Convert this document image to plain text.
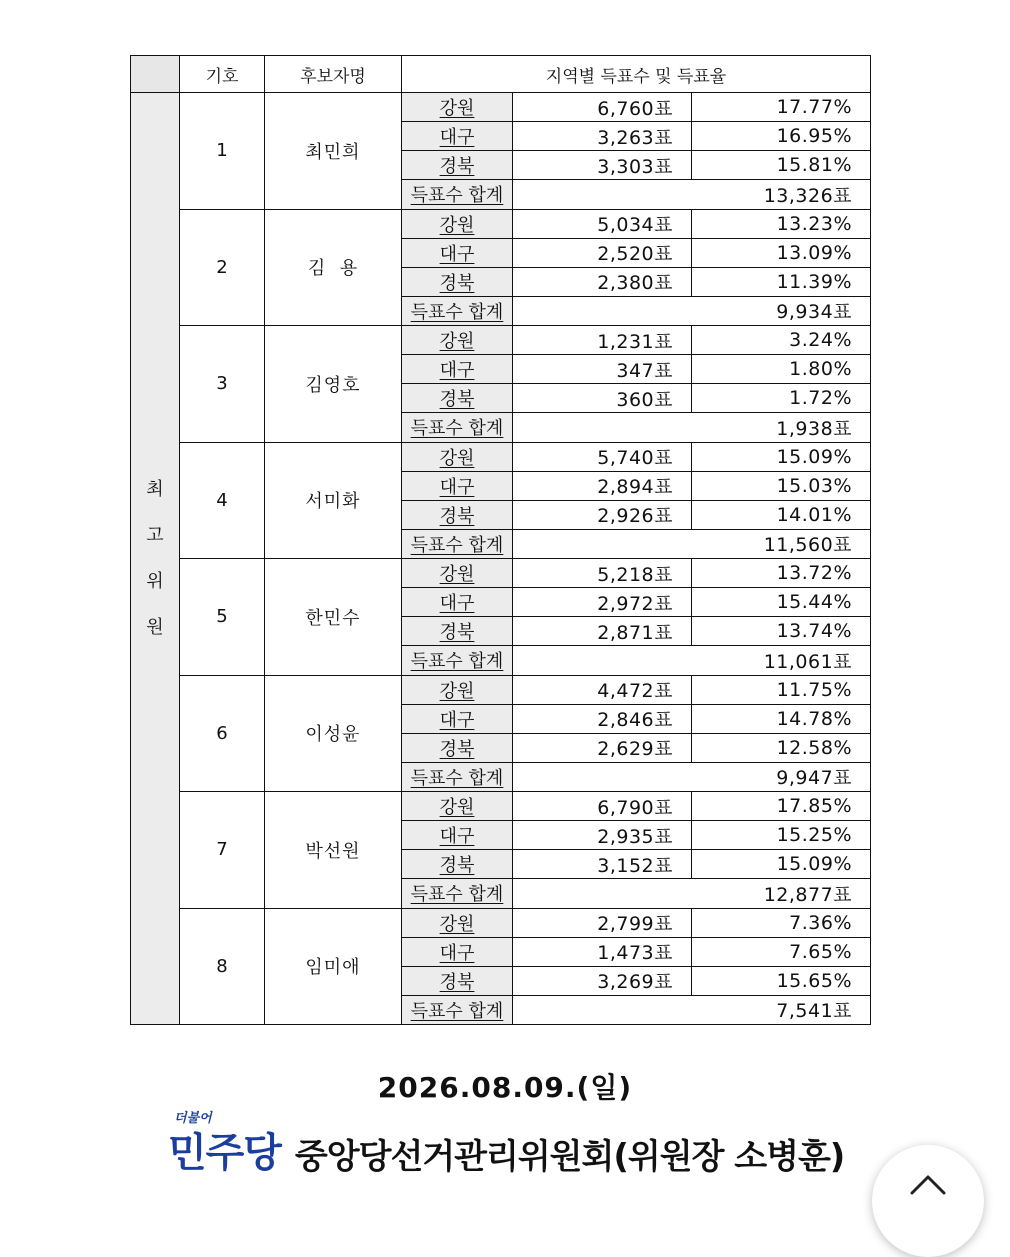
	기호	후보자명	지역별 득표수 및 득표율		

최
고
위
원	1	최민희	강원	6,760표	17.77%
			대구	3,263표	16.95%
			경북	3,303표	15.81%
			득표수 합계	13,326표	
	2	김  용	강원	5,034표	13.23%
			대구	2,520표	13.09%
			경북	2,380표	11.39%
			득표수 합계	9,934표	
	3	김영호	강원	1,231표	3.24%
			대구	347표	1.80%
			경북	360표	1.72%
			득표수 합계	1,938표	
	4	서미화	강원	5,740표	15.09%
			대구	2,894표	15.03%
			경북	2,926표	14.01%
			득표수 합계	11,560표	
	5	한민수	강원	5,218표	13.72%
			대구	2,972표	15.44%
			경북	2,871표	13.74%
			득표수 합계	11,061표	
	6	이성윤	강원	4,472표	11.75%
			대구	2,846표	14.78%
			경북	2,629표	12.58%
			득표수 합계	9,947표	
	7	박선원	강원	6,790표	17.85%
			대구	2,935표	15.25%
			경북	3,152표	15.09%
			득표수 합계	12,877표	
	8	임미애	강원	2,799표	7.36%
			대구	1,473표	7.65%
			경북	3,269표	15.65%
			득표수 합계	7,541표	
2026.08.09.(일)
더불어
민주당 중앙당선거관리위원회(위원장 소병훈)
